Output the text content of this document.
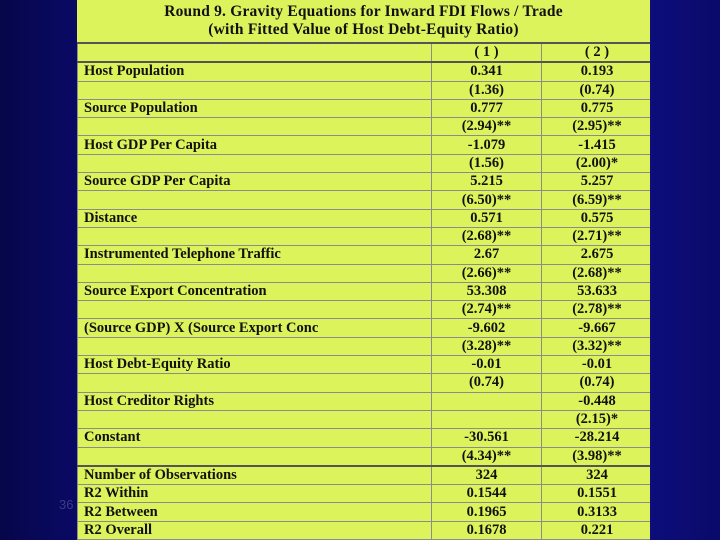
36
Round 9. Gravity Equations for Inward FDI Flows / Trade
(with Fitted Value of Host Debt-Equity Ratio)
	( 1 )	( 2 )
Host Population	0.341	0.193
	(1.36)	(0.74)
Source Population	0.777	0.775
	(2.94)**	(2.95)**
Host GDP Per Capita	-1.079	-1.415
	(1.56)	(2.00)*
Source GDP Per Capita	5.215	5.257
	(6.50)**	(6.59)**
Distance	0.571	0.575
	(2.68)**	(2.71)**
Instrumented Telephone Traffic	2.67	2.675
	(2.66)**	(2.68)**
Source Export Concentration	53.308	53.633
	(2.74)**	(2.78)**
(Source GDP) X (Source Export Conc	-9.602	-9.667
	(3.28)**	(3.32)**
Host Debt-Equity Ratio	-0.01	-0.01
	(0.74)	(0.74)
Host Creditor Rights		-0.448
		(2.15)*
Constant	-30.561	-28.214
	(4.34)**	(3.98)**
Number of Observations	324	324
R2 Within	0.1544	0.1551
R2 Between	0.1965	0.3133
R2 Overall	0.1678	0.221
